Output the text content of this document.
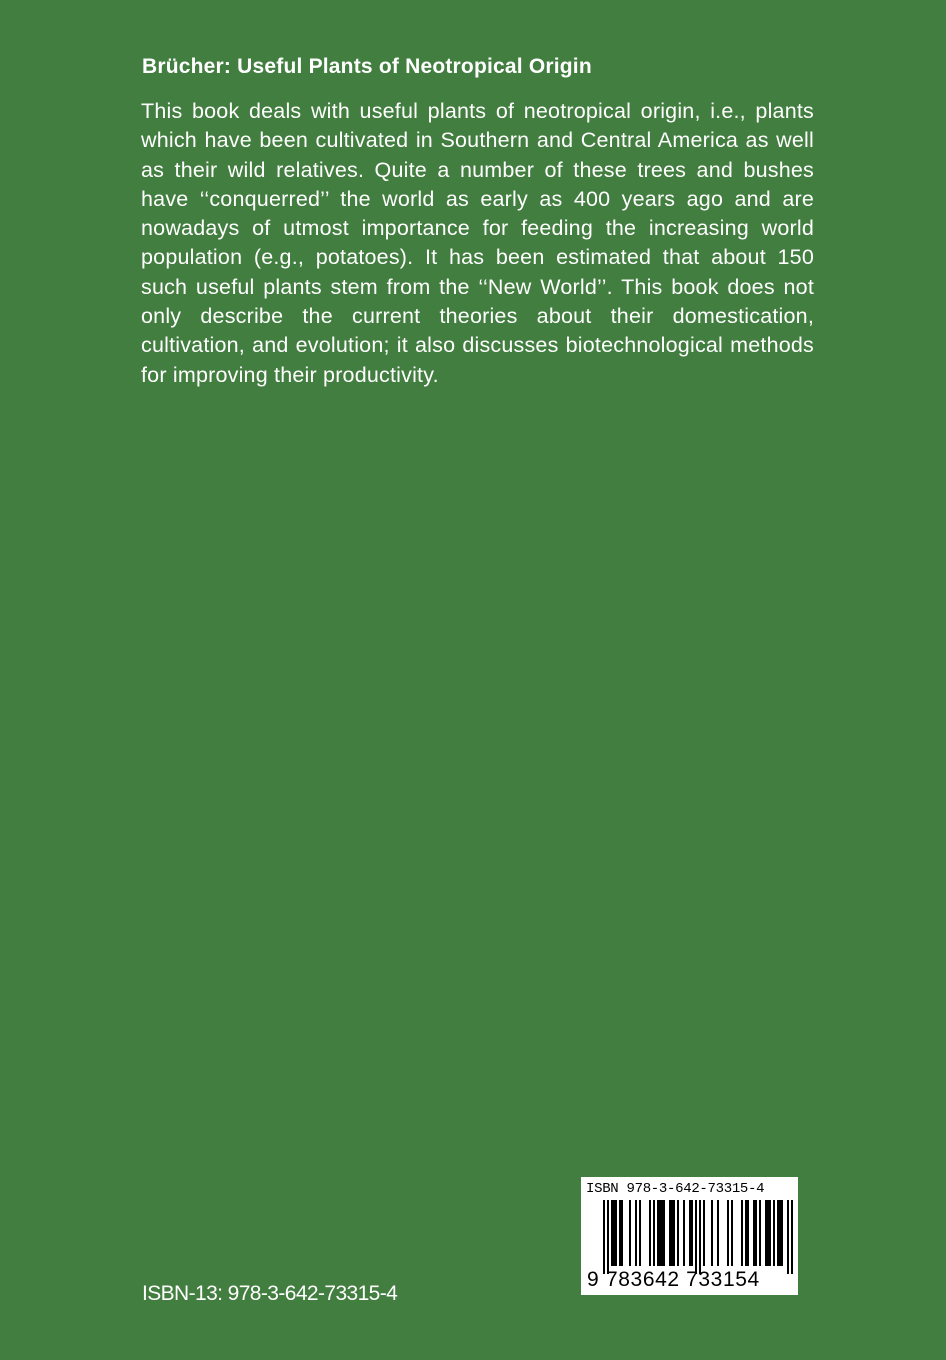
Brücher: Useful Plants of Neotropical Origin

This book deals with useful plants of neotropical origin, i.e., plants which have been cultivated in Southern and Central America as well as their wild relatives. Quite a number of these trees and bushes have ‘‘conquerred’’ the world as early as 400 years ago and are nowadays of utmost importance for feeding the increasing world population (e.g., potatoes). It has been estimated that about 150 such useful plants stem from the ‘‘New World’’. This book does not only describe the current theories about their domestication, cultivation, and evolution; it also discusses biotechnological methods for improving their productivity.

ISBN-13: 978-3-642-73315-4

ISBN 978-3-642-73315-4
9 783642 733154
